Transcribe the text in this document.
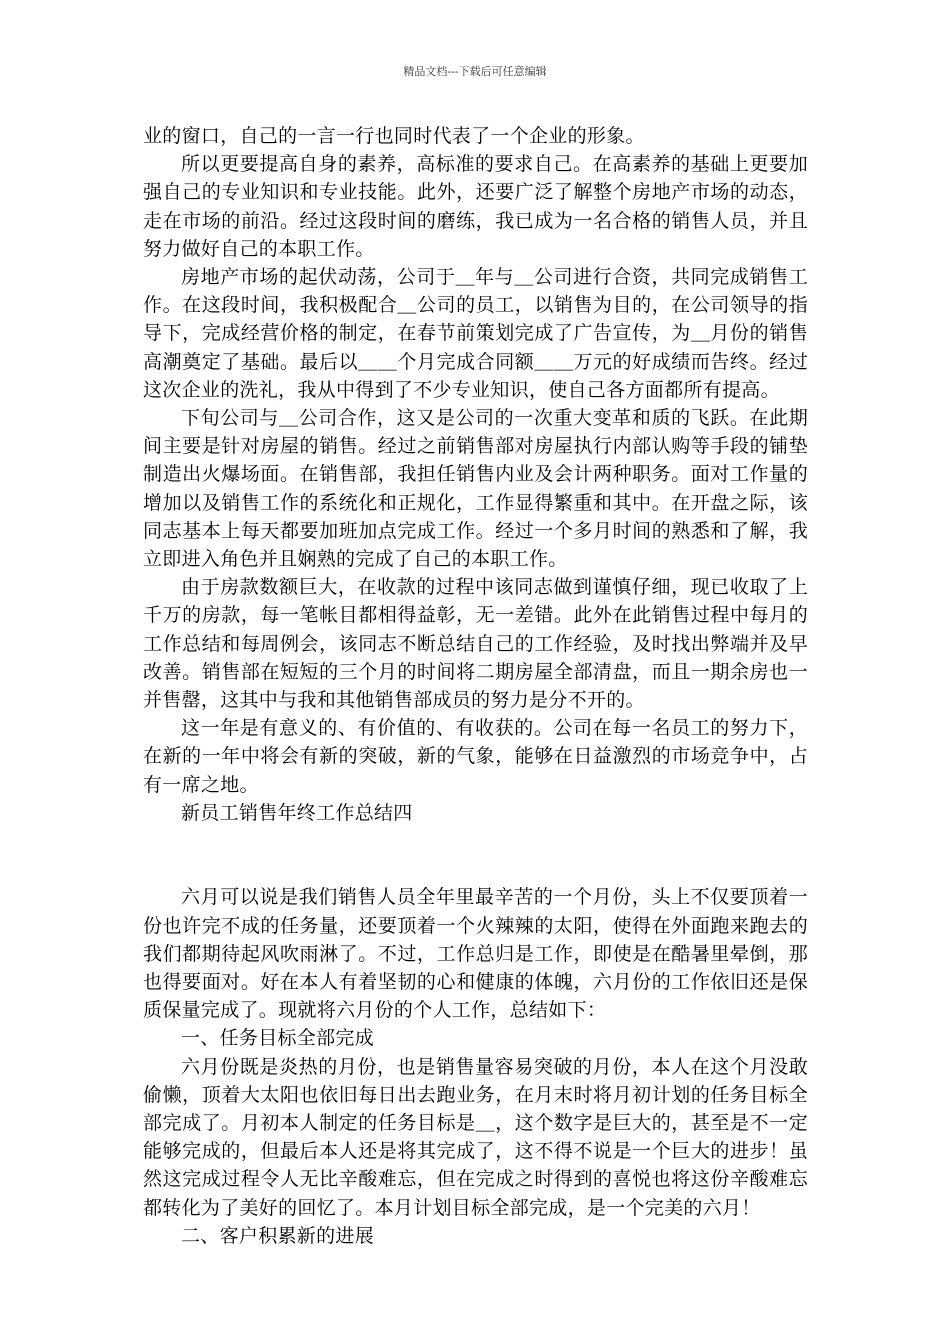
精品文档---下载后可任意编辑

业的窗口，自己的一言一行也同时代表了一个企业的形象。

所以更要提高自身的素养，高标准的要求自己。在高素养的基础上更要加强自己的专业知识和专业技能。此外，还要广泛了解整个房地产市场的动态，走在市场的前沿。经过这段时间的磨练，我已成为一名合格的销售人员，并且努力做好自己的本职工作。

房地产市场的起伏动荡，公司于＿年与＿公司进行合资，共同完成销售工作。在这段时间，我积极配合＿公司的员工，以销售为目的，在公司领导的指导下，完成经营价格的制定，在春节前策划完成了广告宣传，为＿月份的销售高潮奠定了基础。最后以＿＿个月完成合同额＿＿万元的好成绩而告终。经过这次企业的洗礼，我从中得到了不少专业知识，使自己各方面都所有提高。

下旬公司与＿公司合作，这又是公司的一次重大变革和质的飞跃。在此期间主要是针对房屋的销售。经过之前销售部对房屋执行内部认购等手段的铺垫制造出火爆场面。在销售部，我担任销售内业及会计两种职务。面对工作量的增加以及销售工作的系统化和正规化，工作显得繁重和其中。在开盘之际，该同志基本上每天都要加班加点完成工作。经过一个多月时间的熟悉和了解，我立即进入角色并且娴熟的完成了自己的本职工作。

由于房款数额巨大，在收款的过程中该同志做到谨慎仔细，现已收取了上千万的房款，每一笔帐目都相得益彰，无一差错。此外在此销售过程中每月的工作总结和每周例会，该同志不断总结自己的工作经验，及时找出弊端并及早改善。销售部在短短的三个月的时间将二期房屋全部清盘，而且一期余房也一并售罄，这其中与我和其他销售部成员的努力是分不开的。

这一年是有意义的、有价值的、有收获的。公司在每一名员工的努力下，在新的一年中将会有新的突破，新的气象，能够在日益激烈的市场竞争中，占有一席之地。

新员工销售年终工作总结四

六月可以说是我们销售人员全年里最辛苦的一个月份，头上不仅要顶着一份也许完不成的任务量，还要顶着一个火辣辣的太阳，使得在外面跑来跑去的我们都期待起风吹雨淋了。不过，工作总归是工作，即使是在酷暑里晕倒，那也得要面对。好在本人有着坚韧的心和健康的体魄，六月份的工作依旧还是保质保量完成了。现就将六月份的个人工作，总结如下：

一、任务目标全部完成

六月份既是炎热的月份，也是销售量容易突破的月份，本人在这个月没敢偷懒，顶着大太阳也依旧每日出去跑业务，在月末时将月初计划的任务目标全部完成了。月初本人制定的任务目标是＿，这个数字是巨大的，甚至是不一定能够完成的，但最后本人还是将其完成了，这不得不说是一个巨大的进步！虽然这完成过程令人无比辛酸难忘，但在完成之时得到的喜悦也将这份辛酸难忘都转化为了美好的回忆了。本月计划目标全部完成，是一个完美的六月！

二、客户积累新的进展
